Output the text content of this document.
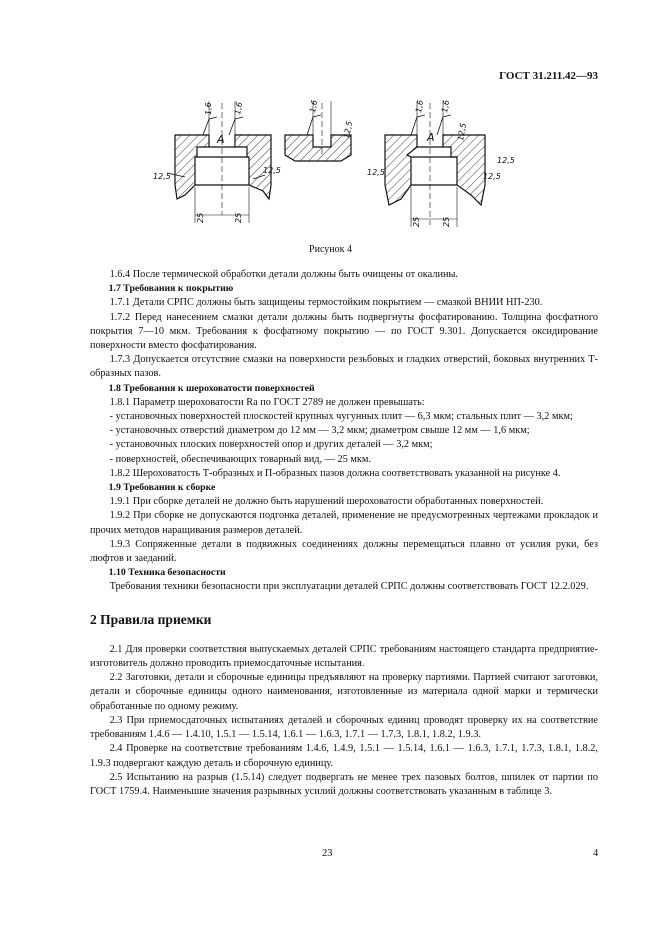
ГОСТ 31.211.42—93
A
1,6	1,6
12,5
12,5
25	25
1,6
12,5	A
1,6 1,6
12,5
12,5
12,5	12,5
25	25
Рисунок 4

1.6.4 После термической обработки детали должны быть очищены от окалины.

1.7 Требования к покрытию

1.7.1 Детали СРПС должны быть защищены термостойким покрытием — смазкой ВНИИ НП-230.

1.7.2 Перед нанесением смазки детали должны быть подвергнуты фосфатированию. Толщина фосфатного покрытия 7—10 мкм. Требования к фосфатному покрытию — по ГОСТ 9.301. Допускается оксидирование поверхности вместо фосфатирования.

1.7.3 Допускается отсутствие смазки на поверхности резьбовых и гладких отверстий, боковых внутренних Т-образных пазов.

1.8 Требования к шероховатости поверхностей

1.8.1 Параметр шероховатости Ra по ГОСТ 2789 не должен превышать:

- установочных поверхностей плоскостей крупных чугунных плит — 6,3 мкм; стальных плит — 3,2 мкм;

- установочных отверстий диаметром до 12 мм — 3,2 мкм; диаметром свыше 12 мм — 1,6 мкм;

- установочных плоских поверхностей опор и других деталей — 3,2 мкм;

- поверхностей, обеспечивающих товарный вид, — 25 мкм.

1.8.2 Шероховатость Т-образных и П-образных пазов должна соответствовать указанной на рисунке 4.

1.9 Требования к сборке

1.9.1 При сборке деталей не должно быть нарушений шероховатости обработанных поверхностей.

1.9.2 При сборке не допускаются подгонка деталей, применение не предусмотренных чертежами прокладок и прочих методов наращивания размеров деталей.

1.9.3 Сопряженные детали в подвижных соединениях должны перемещаться плавно от усилия руки, без люфтов и заеданий.

1.10 Техника безопасности

Требования техники безопасности при эксплуатации деталей СРПС должны соответствовать ГОСТ 12.2.029.

2 Правила приемки

2.1 Для проверки соответствия выпускаемых деталей СРПС требованиям настоящего стандарта предприятие-изготовитель должно проводить приемосдаточные испытания.

2.2 Заготовки, детали и сборочные единицы предъявляют на проверку партиями. Партией считают заготовки, детали и сборочные единицы одного наименования, изготовленные из материала одной марки и термически обработанные по одному режиму.

2.3 При приемосдаточных испытаниях деталей и сборочных единиц проводят проверку их на соответствие требованиям 1.4.6 — 1.4.10, 1.5.1 — 1.5.14, 1.6.1 — 1.6.3, 1.7.1 — 1.7.3, 1.8.1, 1.8.2, 1.9.3.

2.4 Проверке на соответствие требованиям 1.4.6, 1.4.9, 1.5.1 — 1.5.14, 1.6.1 — 1.6.3, 1.7.1, 1.7.3, 1.8.1, 1.8.2, 1.9.3 подвергают каждую деталь и сборочную единицу.

2.5 Испытанию на разрыв (1.5.14) следует подвергать не менее трех пазовых болтов, шпилек от партии по ГОСТ 1759.4. Наименьшие значения разрывных усилий должны соответствовать указанным в таблице 3.

23	4
